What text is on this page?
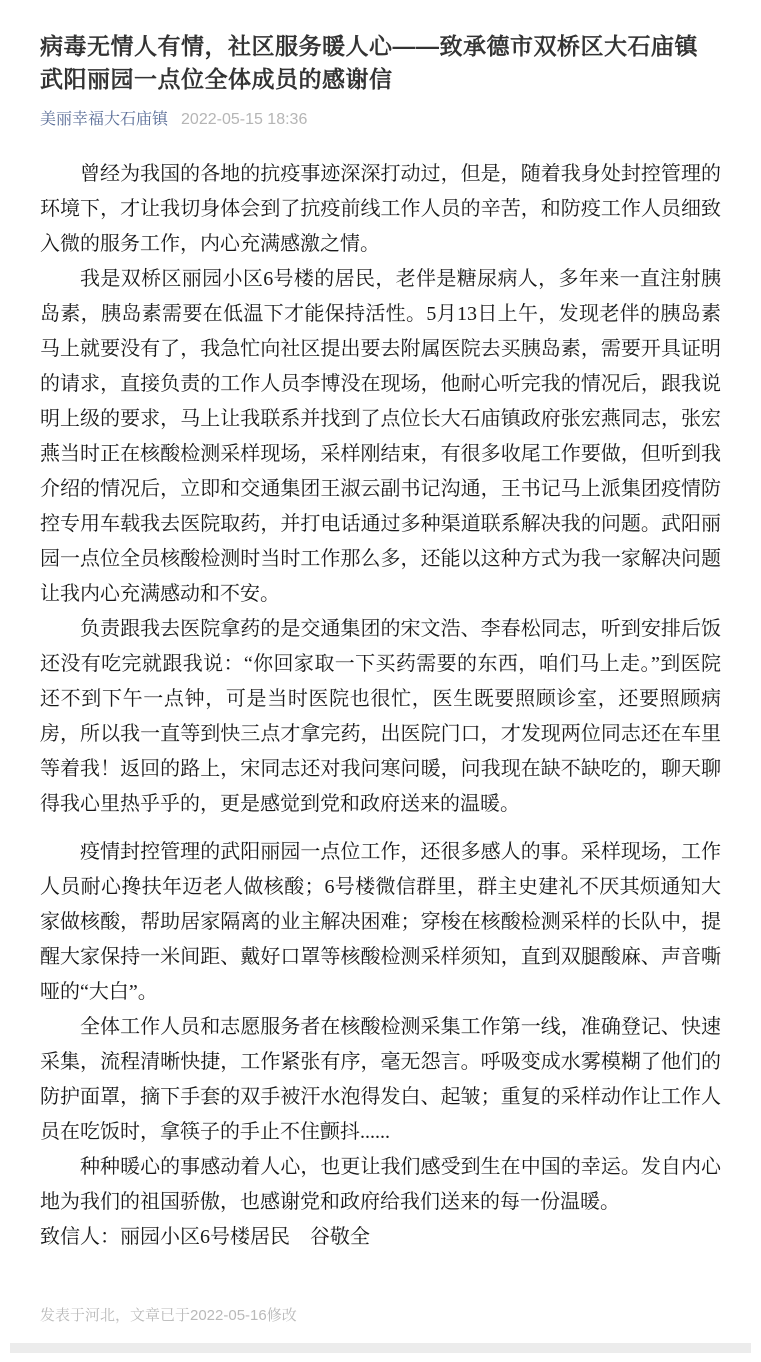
病毒无情人有情，社区服务暖人心——致承德市双桥区大石庙镇武阳丽园一点位全体成员的感谢信
美丽幸福大石庙镇 2022-05-15 18:36

曾经为我国的各地的抗疫事迹深深打动过，但是，随着我身处封控管理的环境下，才让我切身体会到了抗疫前线工作人员的辛苦，和防疫工作人员细致入微的服务工作，内心充满感激之情。

我是双桥区丽园小区6号楼的居民，老伴是糖尿病人，多年来一直注射胰岛素，胰岛素需要在低温下才能保持活性。5月13日上午，发现老伴的胰岛素马上就要没有了，我急忙向社区提出要去附属医院去买胰岛素，需要开具证明的请求，直接负责的工作人员李博没在现场，他耐心听完我的情况后，跟我说明上级的要求，马上让我联系并找到了点位长大石庙镇政府张宏燕同志，张宏燕当时正在核酸检测采样现场，采样刚结束，有很多收尾工作要做，但听到我介绍的情况后，立即和交通集团王淑云副书记沟通，王书记马上派集团疫情防控专用车载我去医院取药，并打电话通过多种渠道联系解决我的问题。武阳丽园一点位全员核酸检测时当时工作那么多，还能以这种方式为我一家解决问题让我内心充满感动和不安。

负责跟我去医院拿药的是交通集团的宋文浩、李春松同志，听到安排后饭还没有吃完就跟我说：“你回家取一下买药需要的东西，咱们马上走。”到医院还不到下午一点钟，可是当时医院也很忙，医生既要照顾诊室，还要照顾病房，所以我一直等到快三点才拿完药，出医院门口，才发现两位同志还在车里等着我！返回的路上，宋同志还对我问寒问暖，问我现在缺不缺吃的，聊天聊得我心里热乎乎的，更是感觉到党和政府送来的温暖。

疫情封控管理的武阳丽园一点位工作，还很多感人的事。采样现场，工作人员耐心搀扶年迈老人做核酸；6号楼微信群里，群主史建礼不厌其烦通知大家做核酸，帮助居家隔离的业主解决困难；穿梭在核酸检测采样的长队中，提醒大家保持一米间距、戴好口罩等核酸检测采样须知，直到双腿酸麻、声音嘶哑的“大白”。

全体工作人员和志愿服务者在核酸检测采集工作第一线，准确登记、快速采集，流程清晰快捷，工作紧张有序，毫无怨言。呼吸变成水雾模糊了他们的防护面罩，摘下手套的双手被汗水泡得发白、起皱；重复的采样动作让工作人员在吃饭时，拿筷子的手止不住颤抖......

种种暖心的事感动着人心，也更让我们感受到生在中国的幸运。发自内心地为我们的祖国骄傲，也感谢党和政府给我们送来的每一份温暖。

致信人：丽园小区6号楼居民　谷敬全

发表于河北，文章已于2022-05-16修改
